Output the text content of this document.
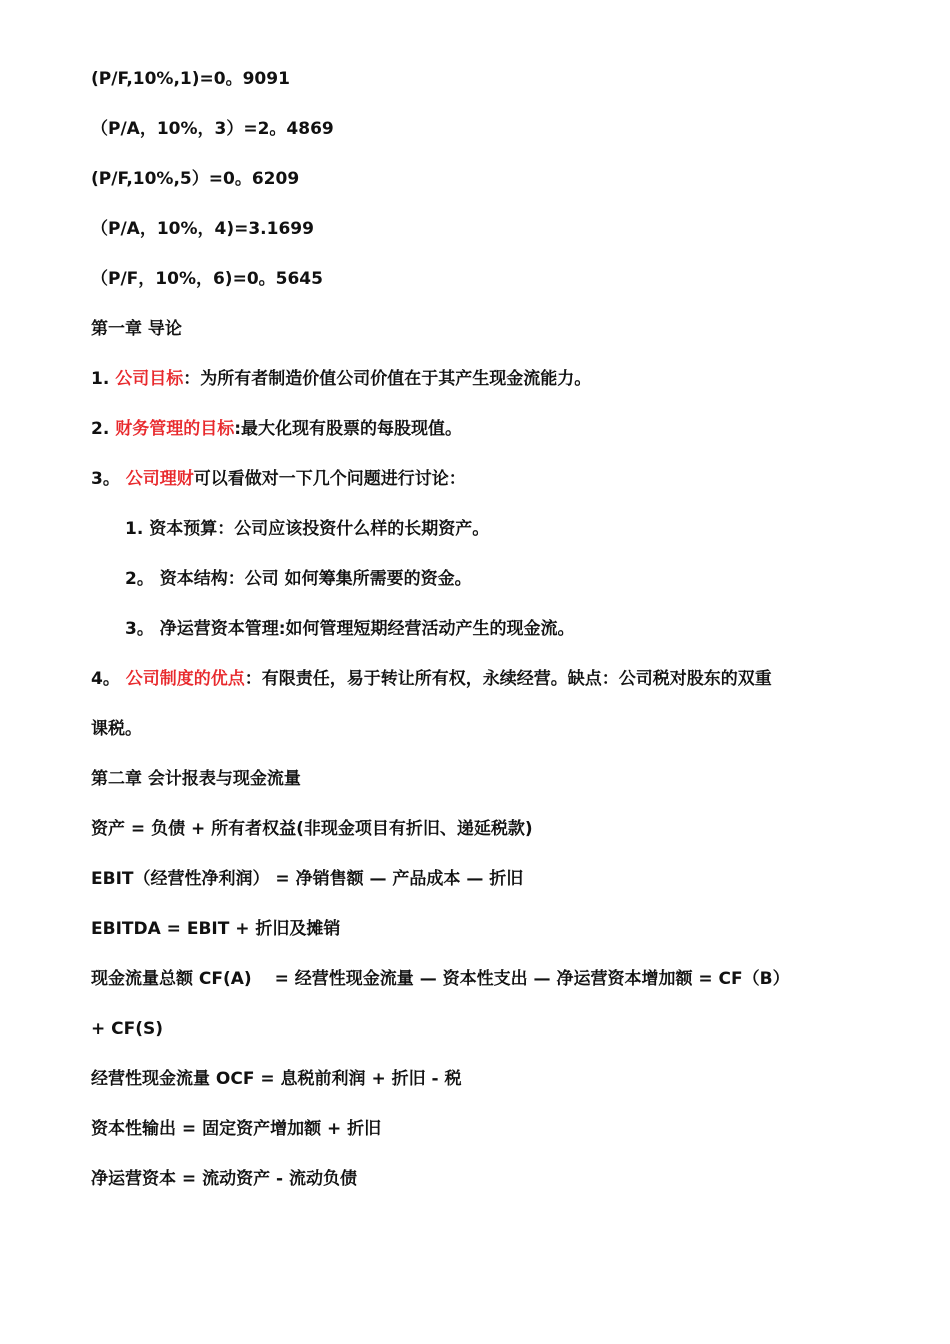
(P/F,10%,1)=0。9091
（P/A，10%，3）=2。4869
(P/F,10%,5）=0。6209
（P/A，10%，4)=3.1699
（P/F，10%，6)=0。5645
第一章 导论
1. 公司目标：为所有者制造价值公司价值在于其产生现金流能力。
2. 财务管理的目标:最大化现有股票的每股现值。
3。 公司理财可以看做对一下几个问题进行讨论：
1. 资本预算：公司应该投资什么样的长期资产。
2。 资本结构：公司 如何筹集所需要的资金。
3。 净运营资本管理:如何管理短期经营活动产生的现金流。
4。 公司制度的优点：有限责任，易于转让所有权，永续经营。缺点：公司税对股东的双重
课税。
第二章 会计报表与现金流量
资产 = 负债 + 所有者权益(非现金项目有折旧、递延税款)
EBIT（经营性净利润） = 净销售额 — 产品成本 — 折旧
EBITDA = EBIT + 折旧及摊销
现金流量总额 CF(A)　 = 经营性现金流量 — 资本性支出 — 净运营资本增加额 = CF（B）
+ CF(S)
经营性现金流量 OCF = 息税前利润 + 折旧 - 税
资本性输出 = 固定资产增加额 + 折旧
净运营资本 = 流动资产 - 流动负债
